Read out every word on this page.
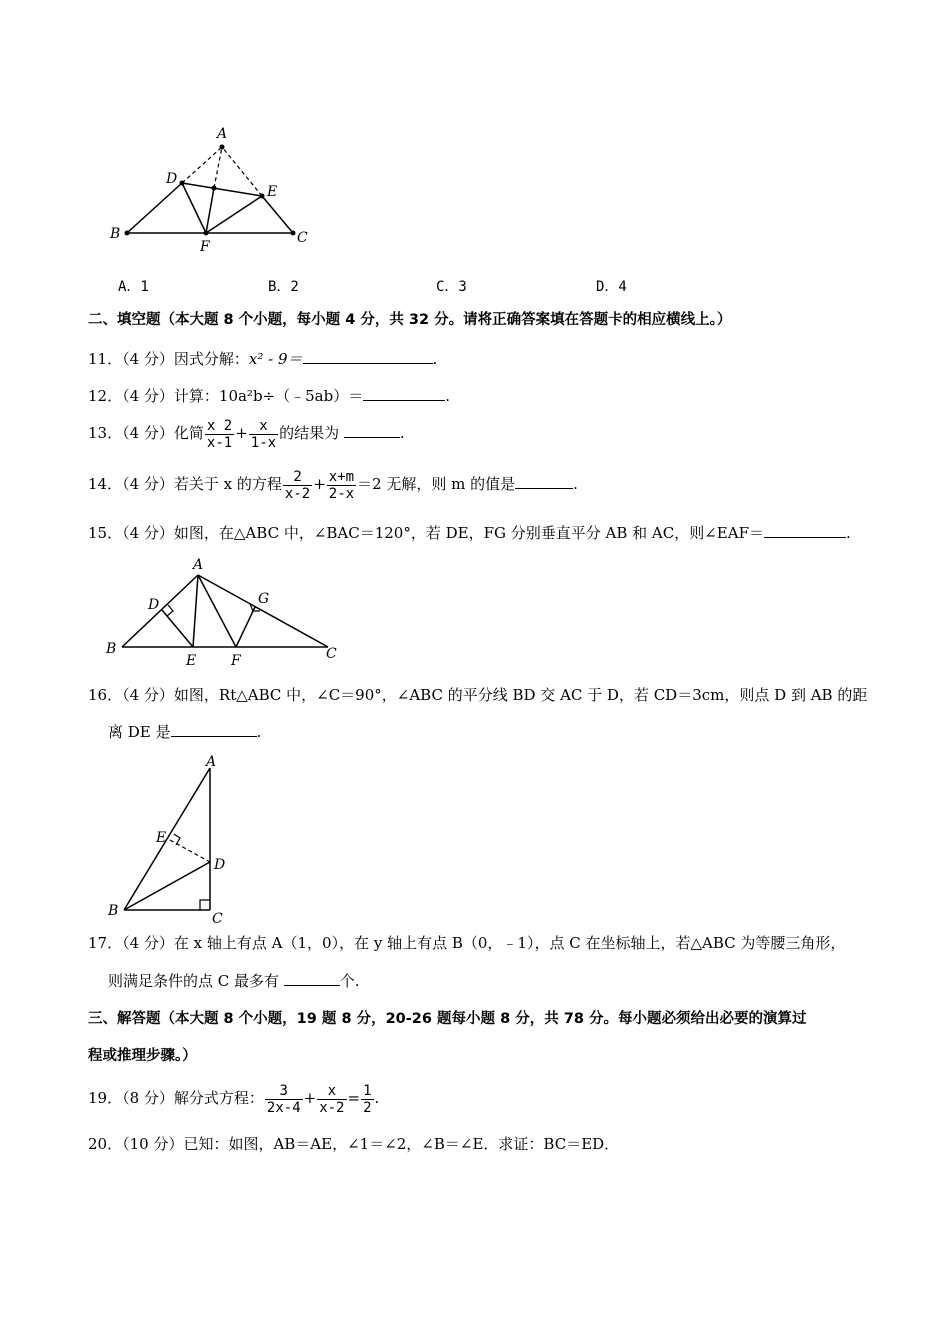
A
D
E
B	C
F
A．1	B．2	C．3	D．4
二、填空题（本大题 8 个小题，每小题 4 分，共 32 分。请将正确答案填在答题卡的相应横线上。）
11．（4 分）因式分解：x² - 9＝	.
12．（4 分）计算：10a²b÷（﹣5ab）＝	.
13．（4 分）化简 $\frac{x 2}{x-1} + \frac{x}{1-x}$ 的结果为	.
14．（4 分）若关于 x 的方程 $\frac{2}{x-2} + \frac{x+m}{2-x} =2$ 无解，则 m 的值是	.
15．（4 分）如图，在△ABC 中，∠BAC＝120°，若 DE，FG 分别垂直平分 AB 和 AC，则∠EAF＝	.
A
D	G
B	C
E F
16．（4 分）如图，Rt△ABC 中，∠C＝90°，∠ABC 的平分线 BD 交 AC 于 D，若 CD＝3cm，则点 D 到 AB 的距
离 DE 是	.
A
E
D
B	C
17．（4 分）在 x 轴上有点 A（1，0），在 y 轴上有点 B（0，﹣1），点 C 在坐标轴上，若△ABC 为等腰三角形，
则满足条件的点 C 最多有	个.
三、解答题（本大题 8 个小题，19 题 8 分，20-26 题每小题 8 分，共 78 分。每小题必须给出必要的演算过
程或推理步骤。）
19．（8 分）解分式方程： $\frac{3}{2x-4} + \frac{x}{x-2} = \frac{1}{2}$ .
20．（10 分）已知：如图，AB＝AE，∠1＝∠2，∠B＝∠E．求证：BC＝ED．
